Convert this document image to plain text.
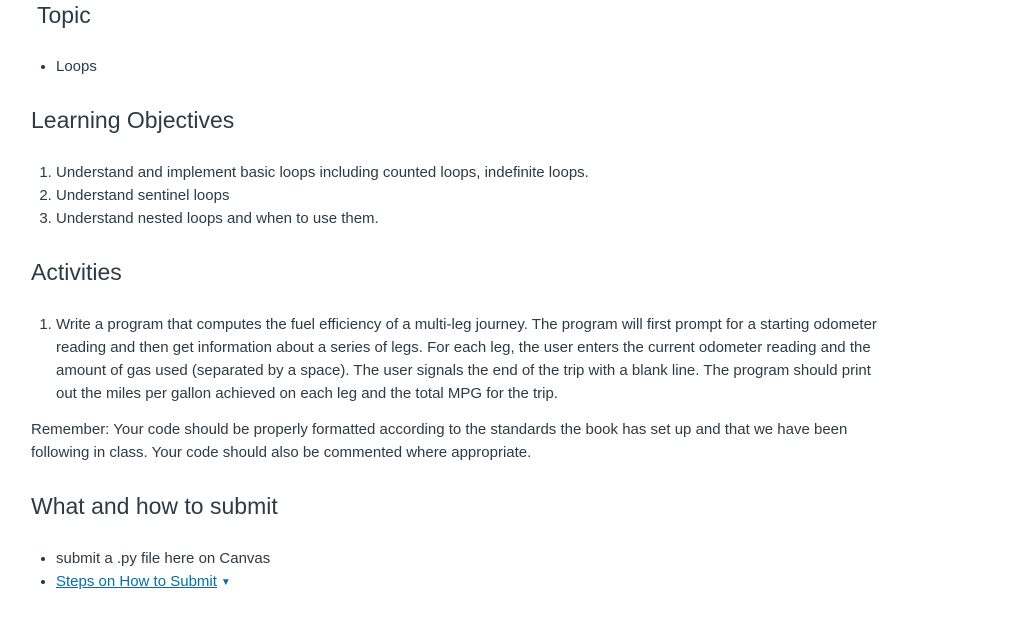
Topic
• Loops
Learning Objectives
1. Understand and implement basic loops including counted loops, indefinite loops.
2. Understand sentinel loops
3. Understand nested loops and when to use them.
Activities
1. Write a program that computes the fuel efficiency of a multi-leg journey. The program will first prompt for a starting odometer reading and then get information about a series of legs. For each leg, the user enters the current odometer reading and the amount of gas used (separated by a space). The user signals the end of the trip with a blank line. The program should print out the miles per gallon achieved on each leg and the total MPG for the trip.

Remember: Your code should be properly formatted according to the standards the book has set up and that we have been following in class. Your code should also be commented where appropriate.

What and how to submit
• submit a .py file here on Canvas
• Steps on How to Submit ▼
